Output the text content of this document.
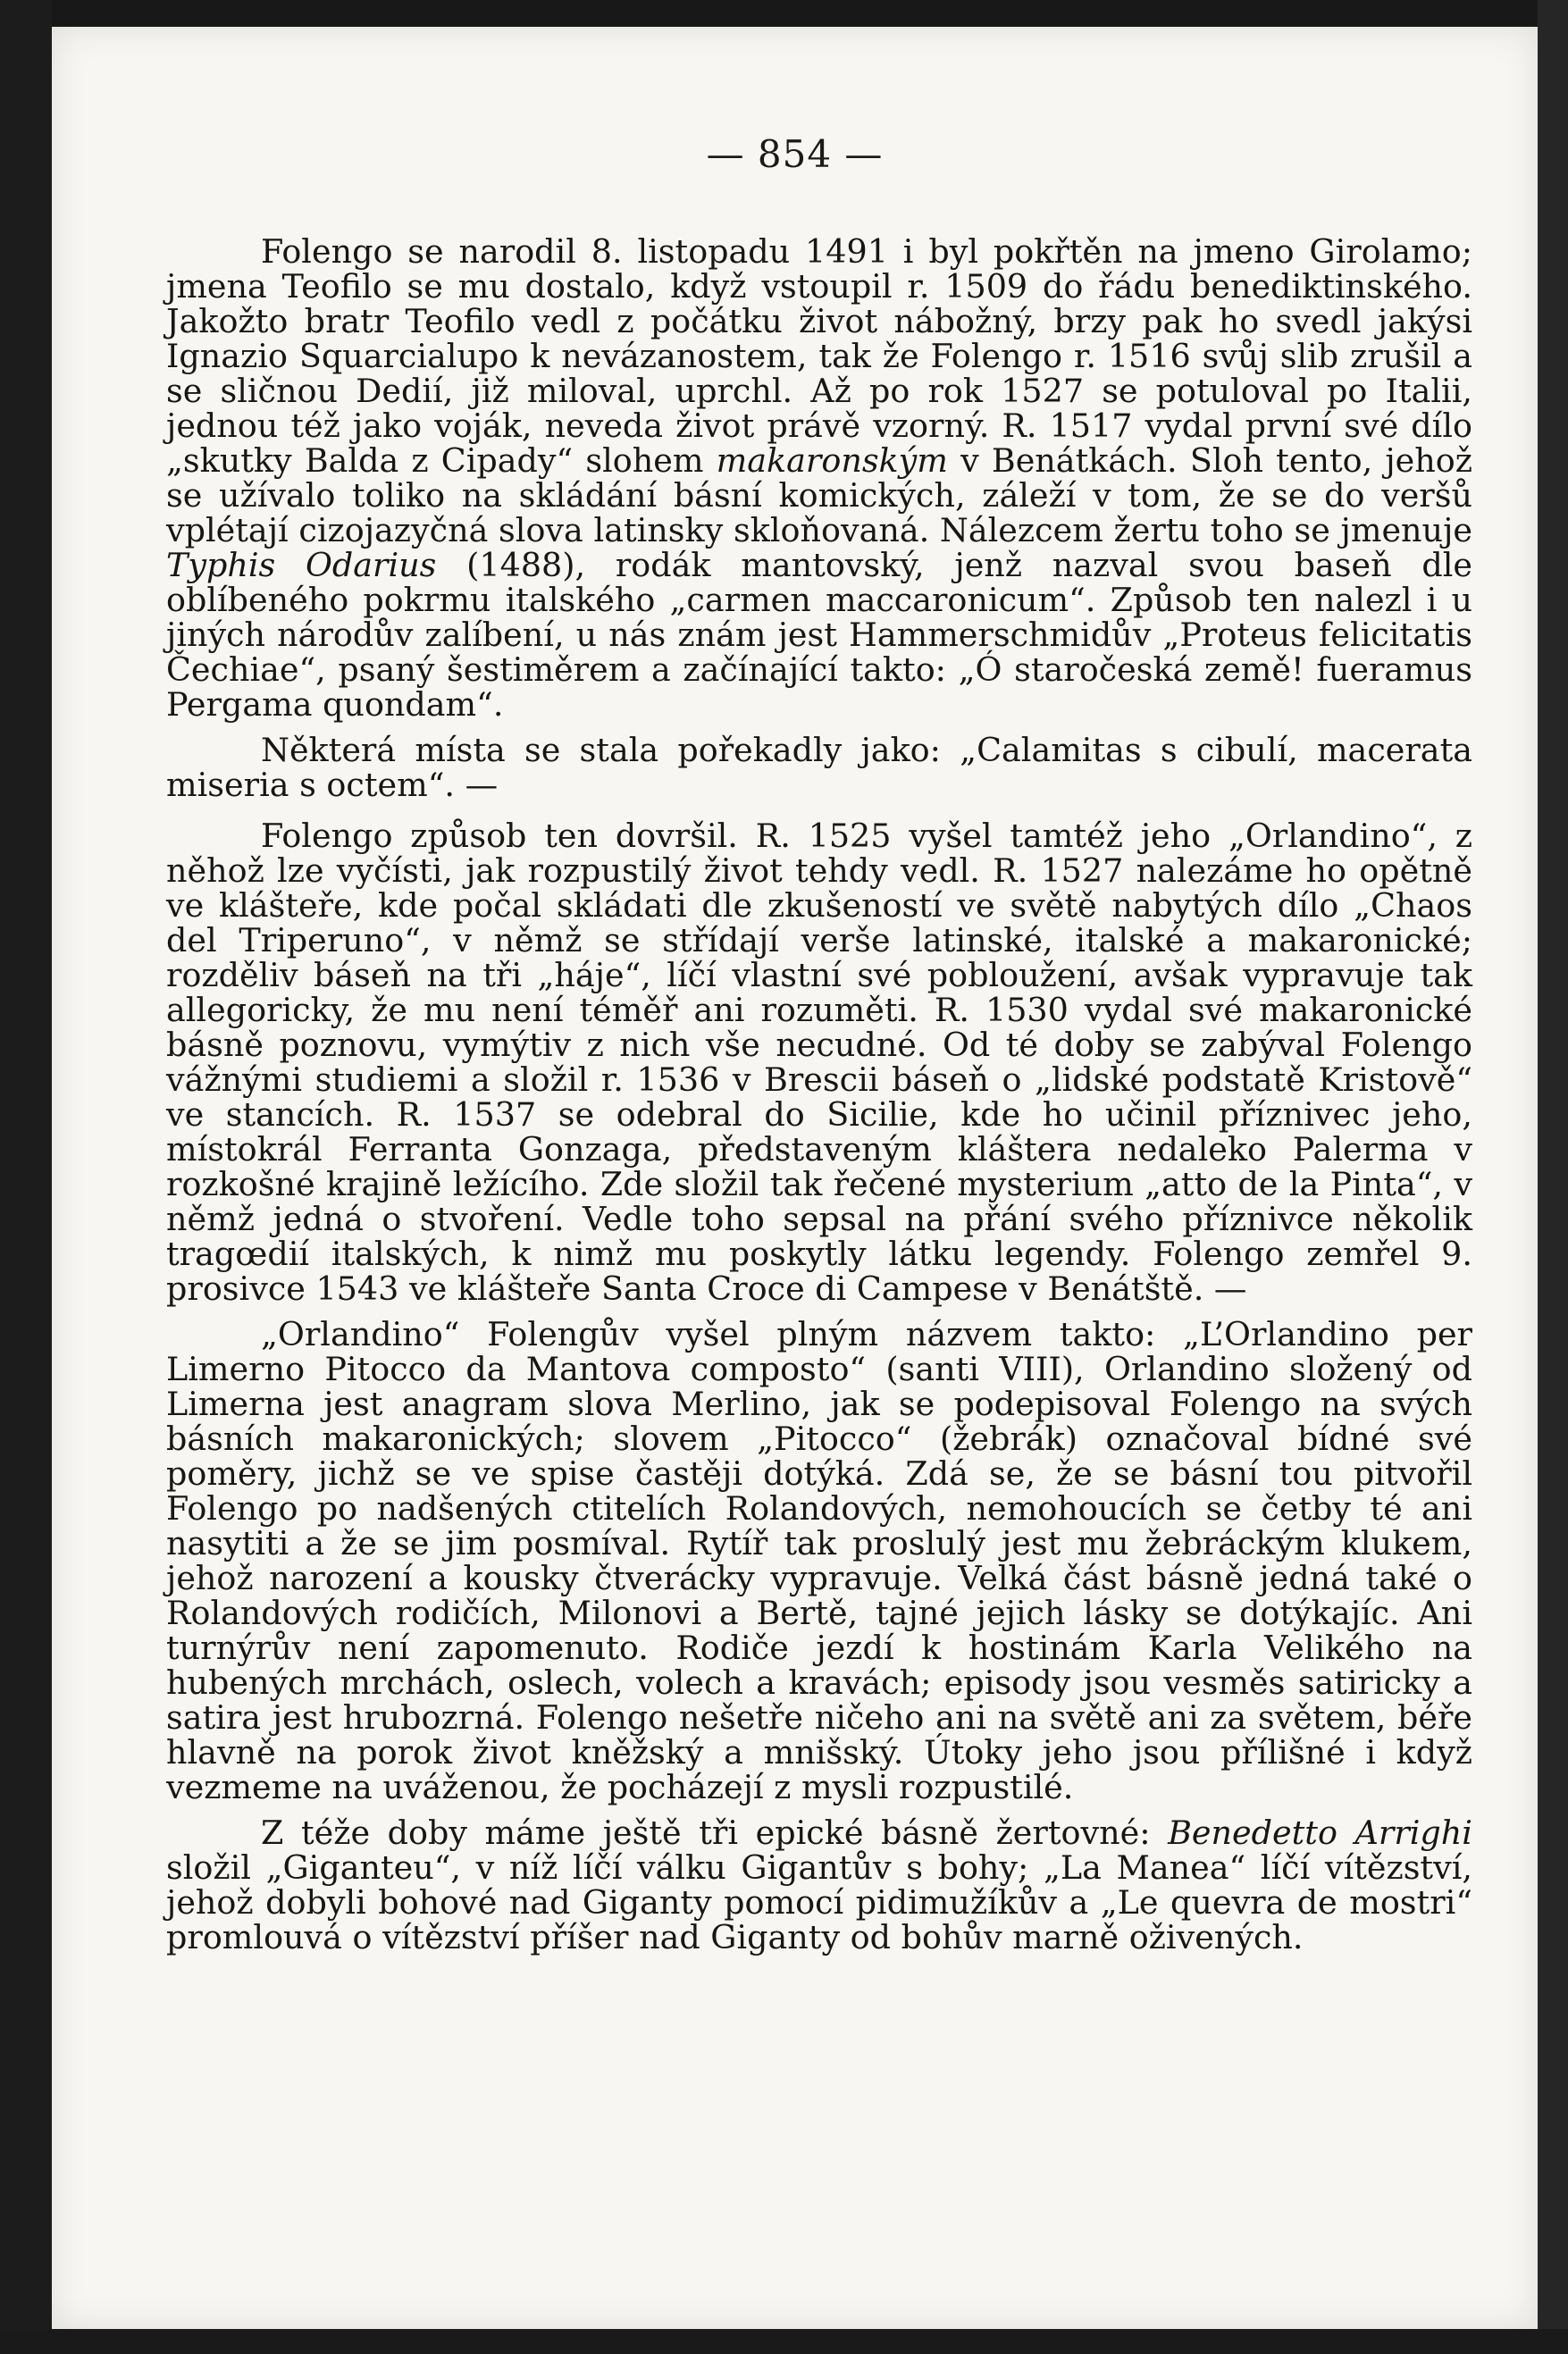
— 854 —

Folengo se narodil 8. listopadu 1491 i byl pokřtěn na jmeno Girolamo; jmena Teofilo se mu dostalo, když vstoupil r. 1509 do řádu benediktinského. Jakožto bratr Teofilo vedl z počátku život nábožný, brzy pak ho svedl jakýsi Ignazio Squarcialupo k nevázanostem, tak že Folengo r. 1516 svůj slib zrušil a se sličnou Dedií, již miloval, uprchl. Až po rok 1527 se potuloval po Italii, jednou též jako voják, neveda život právě vzorný. R. 1517 vydal první své dílo „skutky Balda z Cipady“ slohem makaronským v Benátkách. Sloh tento, jehož se užívalo toliko na skládání básní komických, záleží v tom, že se do veršů vplétají cizojazyčná slova latinsky skloňovaná. Nálezcem žertu toho se jmenuje Typhis Odarius (1488), rodák mantovský, jenž nazval svou baseň dle oblíbeného pokrmu italského „carmen maccaronicum“. Způsob ten nalezl i u jiných národův zalíbení, u nás znám jest Hammerschmidův „Proteus felicitatis Čechiae“, psaný šestiměrem a začínající takto: „Ó staročeská země! fueramus Pergama quondam“.

Některá místa se stala pořekadly jako: „Calamitas s cibulí, macerata miseria s octem“. —

Folengo způsob ten dovršil. R. 1525 vyšel tamtéž jeho „Orlandino“, z něhož lze vyčísti, jak rozpustilý život tehdy vedl. R. 1527 nalezáme ho opětně ve klášteře, kde počal skládati dle zkušeností ve světě nabytých dílo „Chaos del Triperuno“, v němž se střídají verše latinské, italské a makaronické; rozděliv báseň na tři „háje“, líčí vlastní své pobloužení, avšak vypravuje tak allegoricky, že mu není téměř ani rozuměti. R. 1530 vydal své makaronické básně poznovu, vymýtiv z nich vše necudné. Od té doby se zabýval Folengo vážnými studiemi a složil r. 1536 v Brescii báseň o „lidské podstatě Kristově“ ve stancích. R. 1537 se odebral do Sicilie, kde ho učinil příznivec jeho, místokrál Ferranta Gonzaga, představeným kláštera nedaleko Palerma v rozkošné krajině ležícího. Zde složil tak řečené mysterium „atto de la Pinta“, v němž jedná o stvoření. Vedle toho sepsal na přání svého příznivce několik tragœdií italských, k nimž mu poskytly látku legendy. Folengo zemřel 9. prosivce 1543 ve klášteře Santa Croce di Campese v Benátště. —

„Orlandino“ Folengův vyšel plným názvem takto: „L’Orlandino per Limerno Pitocco da Mantova composto“ (santi VIII), Orlandino složený od Limerna jest anagram slova Merlino, jak se podepisoval Folengo na svých básních makaronických; slovem „Pitocco“ (žebrák) označoval bídné své poměry, jichž se ve spise častěji dotýká. Zdá se, že se básní tou pitvořil Folengo po nadšených ctitelích Rolandových, nemohoucích se četby té ani nasytiti a že se jim posmíval. Rytíř tak proslulý jest mu žebráckým klukem, jehož narození a kousky čtverácky vypravuje. Velká část básně jedná také o Rolandových rodičích, Milonovi a Bertě, tajné jejich lásky se dotýkajíc. Ani turnýrův není zapomenuto. Rodiče jezdí k hostinám Karla Velikého na hubených mrchách, oslech, volech a kravách; episody jsou vesměs satiricky a satira jest hrubozrná. Folengo nešetře ničeho ani na světě ani za světem, béře hlavně na porok život kněžský a mnišský. Útoky jeho jsou přílišné i když vezmeme na uváženou, že pocházejí z mysli rozpustilé.

Z téže doby máme ještě tři epické básně žertovné: Benedetto Arrighi složil „Giganteu“, v níž líčí válku Gigantův s bohy; „La Manea“ líčí vítězství, jehož dobyli bohové nad Giganty pomocí pidimužíkův a „Le quevra de mostri“ promlouvá o vítězství příšer nad Giganty od bohův marně oživených.
